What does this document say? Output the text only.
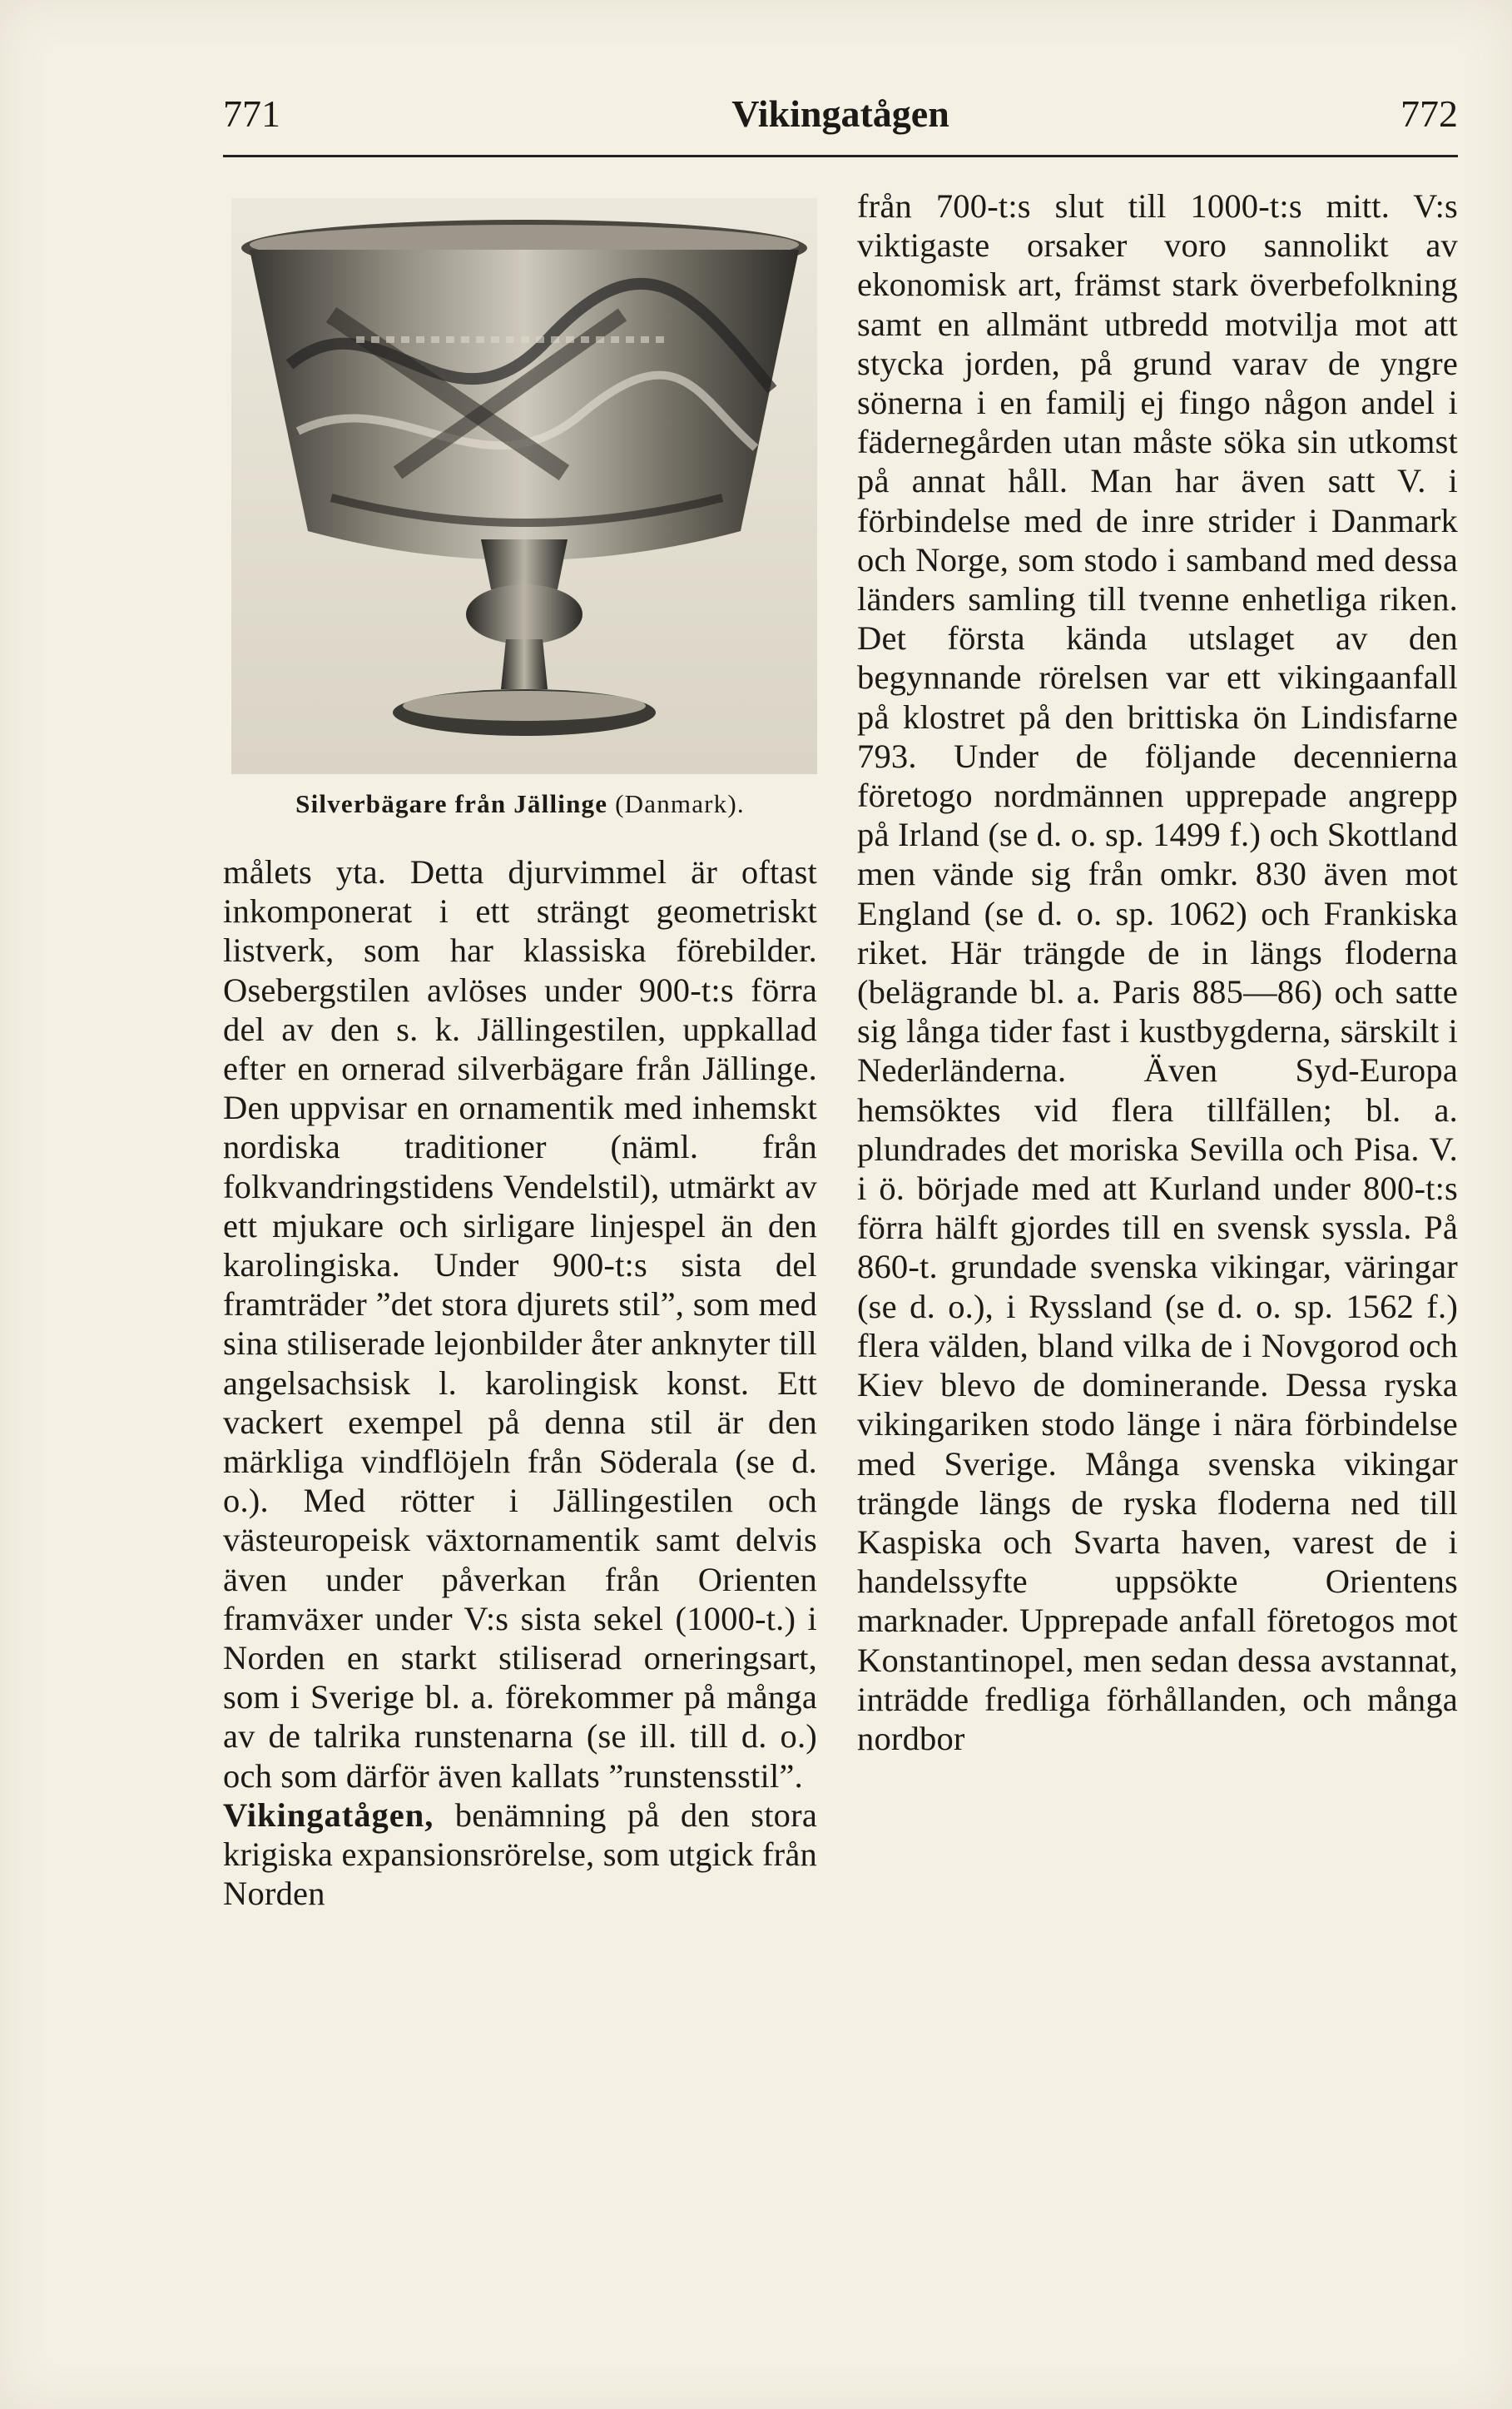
771	Vikingatågen	772
Silverbägare från Jällinge (Danmark).

målets yta. Detta djurvimmel är oftast inkomponerat i ett strängt geometriskt listverk, som har klassiska förebilder. Osebergstilen avlöses under 900-t:s förra del av den s. k. Jällingestilen, uppkallad efter en ornerad silverbägare från Jällinge. Den uppvisar en ornamentik med inhemskt nordiska traditioner (näml. från folkvandringstidens Vendelstil), utmärkt av ett mjukare och sirligare linjespel än den karolingiska. Under 900-t:s sista del framträder ”det stora djurets stil”, som med sina stiliserade lejonbilder åter anknyter till angelsachsisk l. karolingisk konst. Ett vackert exempel på denna stil är den märkliga vindflöjeln från Söderala (se d. o.). Med rötter i Jällingestilen och västeuropeisk växtornamentik samt delvis även under påverkan från Orienten framväxer under V:s sista sekel (1000-t.) i Norden en starkt stiliserad orneringsart, som i Sverige bl. a. förekommer på många av de talrika runstenarna (se ill. till d. o.) och som därför även kallats ”runstensstil”.

Vikingatågen, benämning på den stora krigiska expansionsrörelse, som utgick från Norden

från 700-t:s slut till 1000-t:s mitt. V:s viktigaste orsaker voro sannolikt av ekonomisk art, främst stark överbefolkning samt en allmänt utbredd motvilja mot att stycka jorden, på grund varav de yngre sönerna i en familj ej fingo någon andel i fädernegården utan måste söka sin utkomst på annat håll. Man har även satt V. i förbindelse med de inre strider i Danmark och Norge, som stodo i samband med dessa länders samling till tvenne enhetliga riken. Det första kända utslaget av den begynnande rörelsen var ett vikingaanfall på klostret på den brittiska ön Lindisfarne 793. Under de följande decennierna företogo nordmännen upprepade angrepp på Irland (se d. o. sp. 1499 f.) och Skottland men vände sig från omkr. 830 även mot England (se d. o. sp. 1062) och Frankiska riket. Här trängde de in längs floderna (belägrande bl. a. Paris 885—86) och satte sig långa tider fast i kustbygderna, särskilt i Nederländerna. Även Syd-Europa hemsöktes vid flera tillfällen; bl. a. plundrades det moriska Sevilla och Pisa. V. i ö. började med att Kurland under 800-t:s förra hälft gjordes till en svensk syssla. På 860-t. grundade svenska vikingar, väringar (se d. o.), i Ryssland (se d. o. sp. 1562 f.) flera välden, bland vilka de i Novgorod och Kiev blevo de dominerande. Dessa ryska vikingariken stodo länge i nära förbindelse med Sverige. Många svenska vikingar trängde längs de ryska floderna ned till Kaspiska och Svarta haven, varest de i handelssyfte uppsökte Orientens marknader. Upprepade anfall företogos mot Konstantinopel, men sedan dessa avstannat, inträdde fredliga förhållanden, och många nordbor
